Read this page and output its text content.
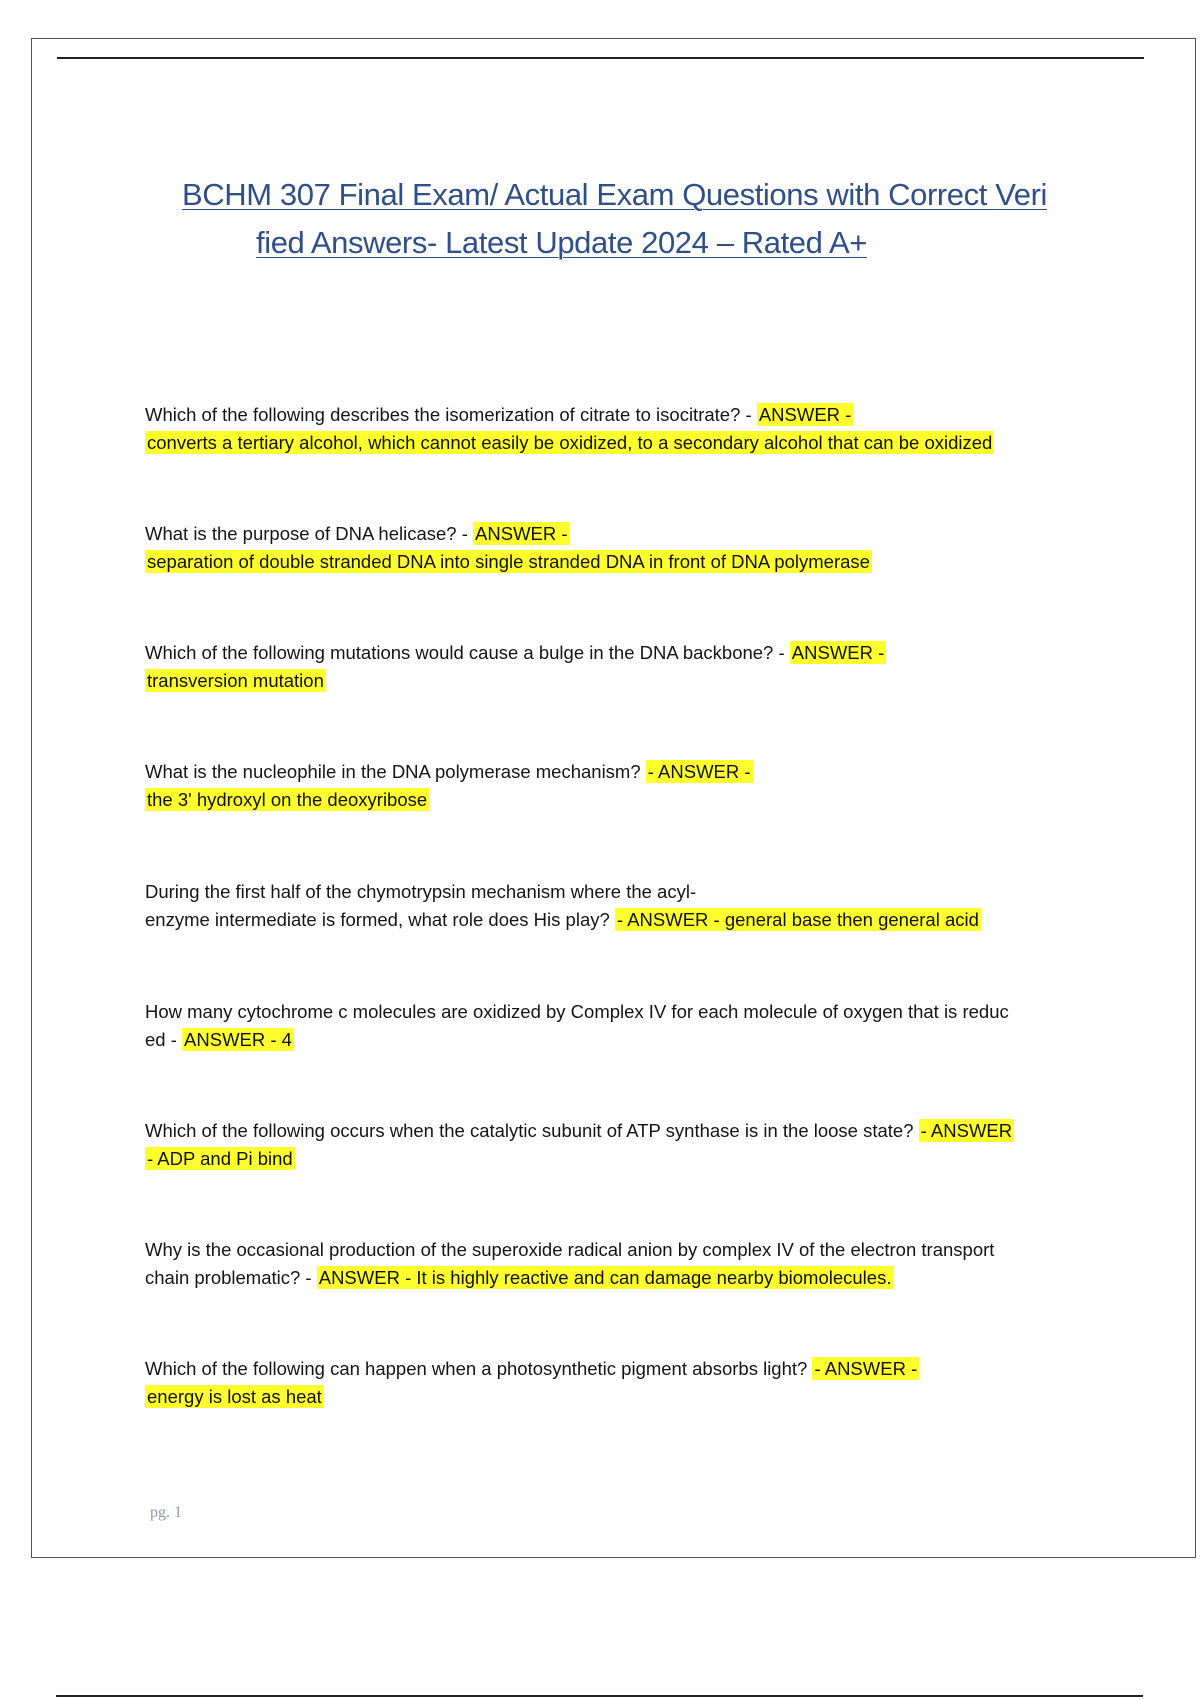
BCHM 307 Final Exam/ Actual Exam Questions with Correct Veri
fied Answers- Latest Update 2024 – Rated A+
Which of the following describes the isomerization of citrate to isocitrate? - ANSWER -
converts a tertiary alcohol, which cannot easily be oxidized, to a secondary alcohol that can be oxidized
What is the purpose of DNA helicase? - ANSWER -
separation of double stranded DNA into single stranded DNA in front of DNA polymerase
Which of the following mutations would cause a bulge in the DNA backbone? - ANSWER -
transversion mutation
What is the nucleophile in the DNA polymerase mechanism? - ANSWER -
the 3' hydroxyl on the deoxyribose
During the first half of the chymotrypsin mechanism where the acyl-
enzyme intermediate is formed, what role does His play? - ANSWER - general base then general acid
How many cytochrome c molecules are oxidized by Complex IV for each molecule of oxygen that is reduc
ed - ANSWER - 4
Which of the following occurs when the catalytic subunit of ATP synthase is in the loose state? - ANSWER
- ADP and Pi bind
Why is the occasional production of the superoxide radical anion by complex IV of the electron transport
chain problematic? - ANSWER - It is highly reactive and can damage nearby biomolecules.
Which of the following can happen when a photosynthetic pigment absorbs light? - ANSWER -
energy is lost as heat
pg. 1
